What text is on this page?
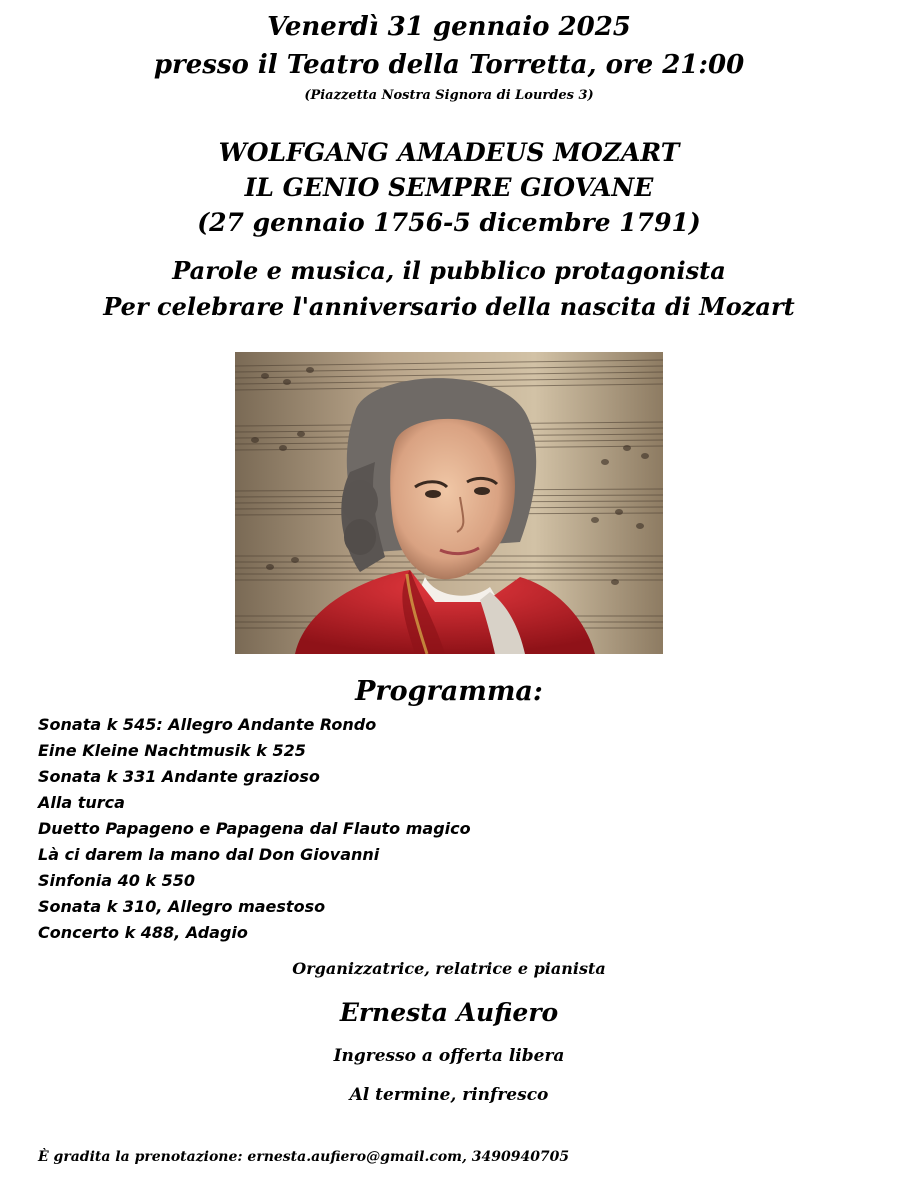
Venerdì 31 gennaio 2025
presso il Teatro della Torretta, ore 21:00
(Piazzetta Nostra Signora di Lourdes 3)
WOLFGANG AMADEUS MOZART
IL GENIO SEMPRE GIOVANE
(27 gennaio 1756-5 dicembre 1791)
Parole e musica, il pubblico protagonista
Per celebrare l'anniversario della nascita di Mozart
Programma:
Sonata k 545: Allegro Andante Rondo
Eine Kleine Nachtmusik k 525
Sonata k 331 Andante grazioso
Alla turca
Duetto Papageno e Papagena dal Flauto magico
Là ci darem la mano dal Don Giovanni
Sinfonia 40 k 550
Sonata k 310, Allegro maestoso
Concerto k 488, Adagio
Organizzatrice, relatrice e pianista
Ernesta Aufiero
Ingresso a offerta libera
Al termine, rinfresco
È gradita la prenotazione: ernesta.aufiero@gmail.com, 3490940705
